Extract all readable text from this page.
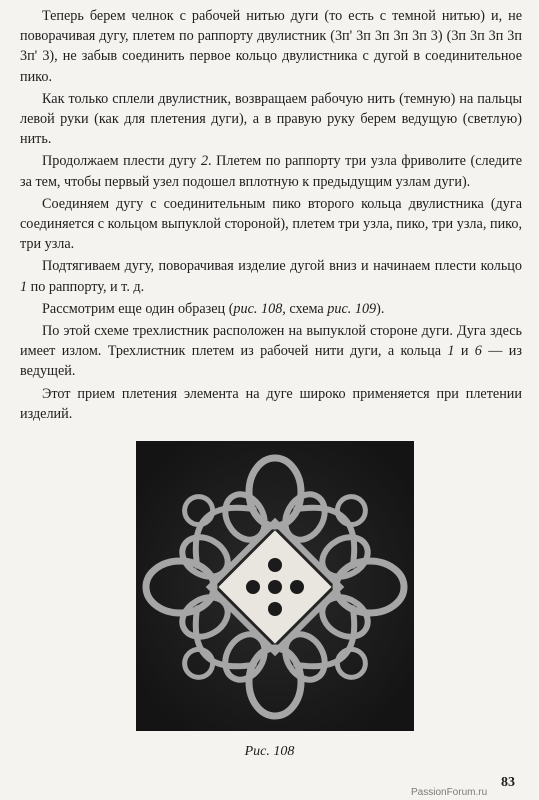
Теперь берем челнок с рабочей нитью дуги (то есть с темной нитью) и, не поворачивая дугу, плетем по раппорту двулистник (3п' 3п 3п 3п 3п 3) (3п 3п 3п 3п 3п' 3), не забыв соединить первое кольцо двулистника с дугой в соединительное пико.

Как только сплели двулистник, возвращаем рабочую нить (темную) на пальцы левой руки (как для плетения дуги), а в правую руку берем ведущую (светлую) нить.

Продолжаем плести дугу 2. Плетем по раппорту три узла фриволите (следите за тем, чтобы первый узел подошел вплотную к предыдущим узлам дуги).

Соединяем дугу с соединительным пико второго кольца двулистника (дуга соединяется с кольцом выпуклой стороной), плетем три узла, пико, три узла, пико, три узла.

Подтягиваем дугу, поворачивая изделие дугой вниз и начинаем плести кольцо 1 по раппорту, и т. д.

Рассмотрим еще один образец (рис. 108, схема рис. 109).

По этой схеме трехлистник расположен на выпуклой стороне дуги. Дуга здесь имеет излом. Трехлистник плетем из рабочей нити дуги, а кольца 1 и 6 — из ведущей.

Этот прием плетения элемента на дуге широко применяется при плетении изделий.

Рис. 108
83
PassionForum.ru
